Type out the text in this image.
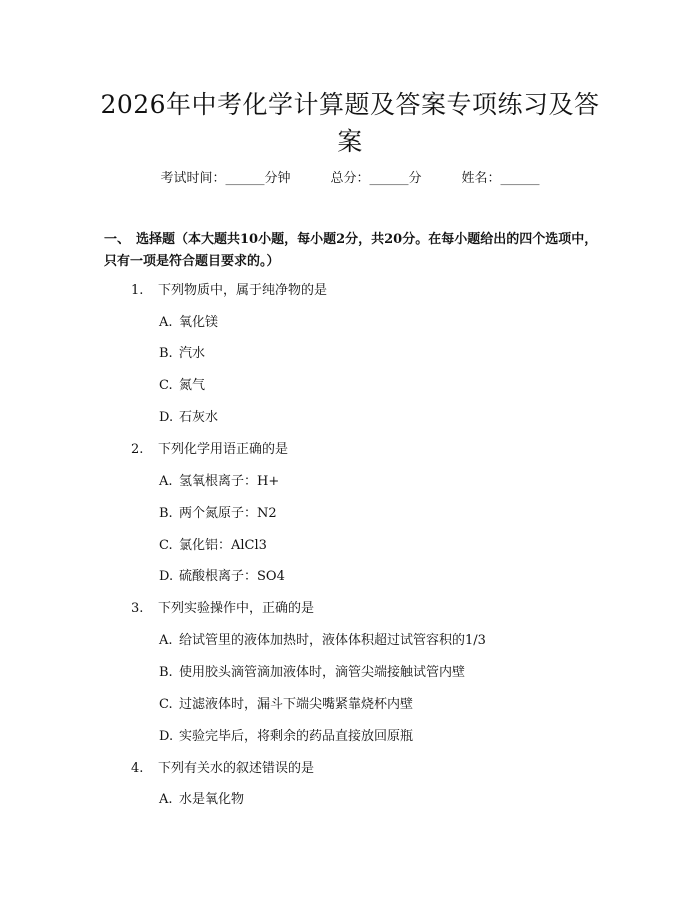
2026年中考化学计算题及答案专项练习及答
案
考试时间：______分钟	总分：______分	姓名：______
一、 选择题（本大题共10小题，每小题2分，共20分。在每小题给出的四个选项中，只有一项是符合题目要求的。）
1. 下列物质中，属于纯净物的是
A. 氧化镁
B. 汽水
C. 氮气
D. 石灰水
2. 下列化学用语正确的是
A. 氢氧根离子：H+
B. 两个氮原子：N2
C. 氯化铝：AlCl3
D. 硫酸根离子：SO4
3. 下列实验操作中，正确的是
A. 给试管里的液体加热时，液体体积超过试管容积的1/3
B. 使用胶头滴管滴加液体时，滴管尖端接触试管内壁
C. 过滤液体时，漏斗下端尖嘴紧靠烧杯内壁
D. 实验完毕后，将剩余的药品直接放回原瓶
4. 下列有关水的叙述错误的是
A. 水是氧化物
